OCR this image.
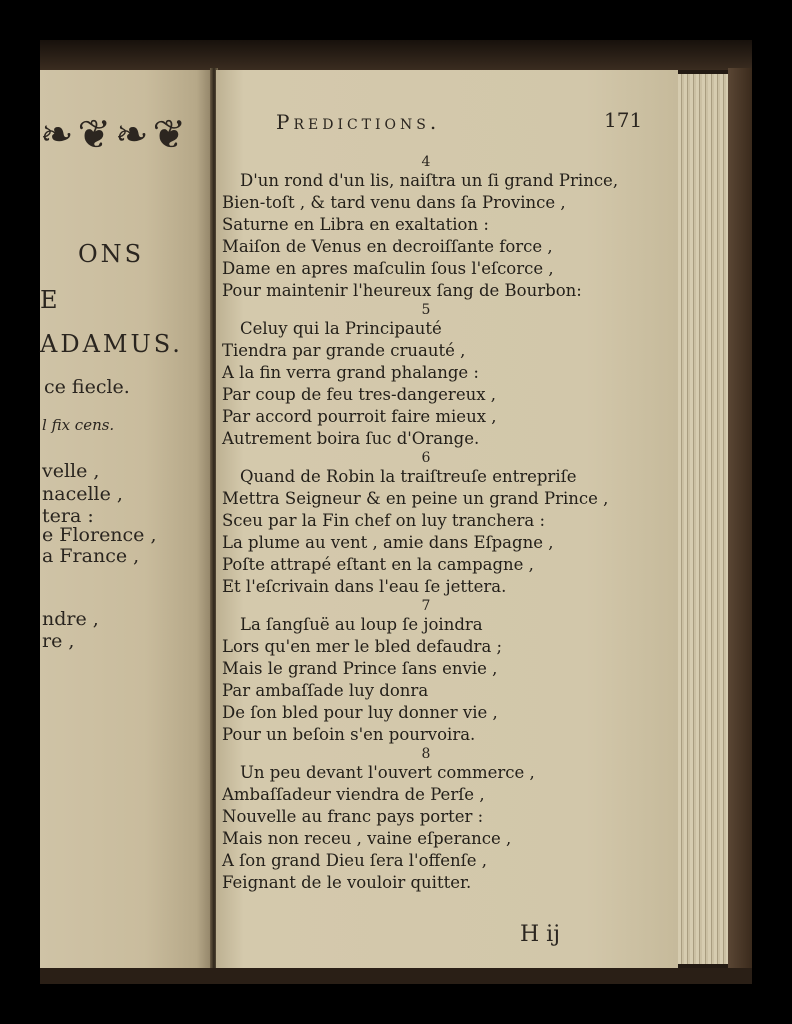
❧❦❧❦
ONS
E
ADAMUS.
ce fiecle.
l fix cens.
velle ,
nacelle ,
tera :
e Florence ,
a France ,
ndre ,
re ,
Predictions.	171
4
D'un rond d'un lis, naiſtra un ſi grand Prince,
Bien-toſt , & tard venu dans ſa Province ,
Saturne en Libra en exaltation :
Maiſon de Venus en decroiſſante force ,
Dame en apres maſculin ſous l'eſcorce ,
Pour maintenir l'heureux ſang de Bourbon:
5
Celuy qui la Principauté
Tiendra par grande cruauté ,
A la fin verra grand phalange :
Par coup de feu tres-dangereux ,
Par accord pourroit faire mieux ,
Autrement boira ſuc d'Orange.
6
Quand de Robin la traiſtreuſe entrepriſe
Mettra Seigneur & en peine un grand Prince ,
Sceu par la Fin chef on luy tranchera :
La plume au vent , amie dans Eſpagne ,
Poſte attrapé eſtant en la campagne ,
Et l'eſcrivain dans l'eau ſe jettera.
7
La ſangſuë au loup ſe joindra
Lors qu'en mer le bled defaudra ;
Mais le grand Prince ſans envie ,
Par ambaſſade luy donra
De ſon bled pour luy donner vie ,
Pour un beſoin s'en pourvoira.
8
Un peu devant l'ouvert commerce ,
Ambaſſadeur viendra de Perſe ,
Nouvelle au franc pays porter :
Mais non receu , vaine eſperance ,
A ſon grand Dieu ſera l'offenſe ,
Feignant de le vouloir quitter.
H ij
